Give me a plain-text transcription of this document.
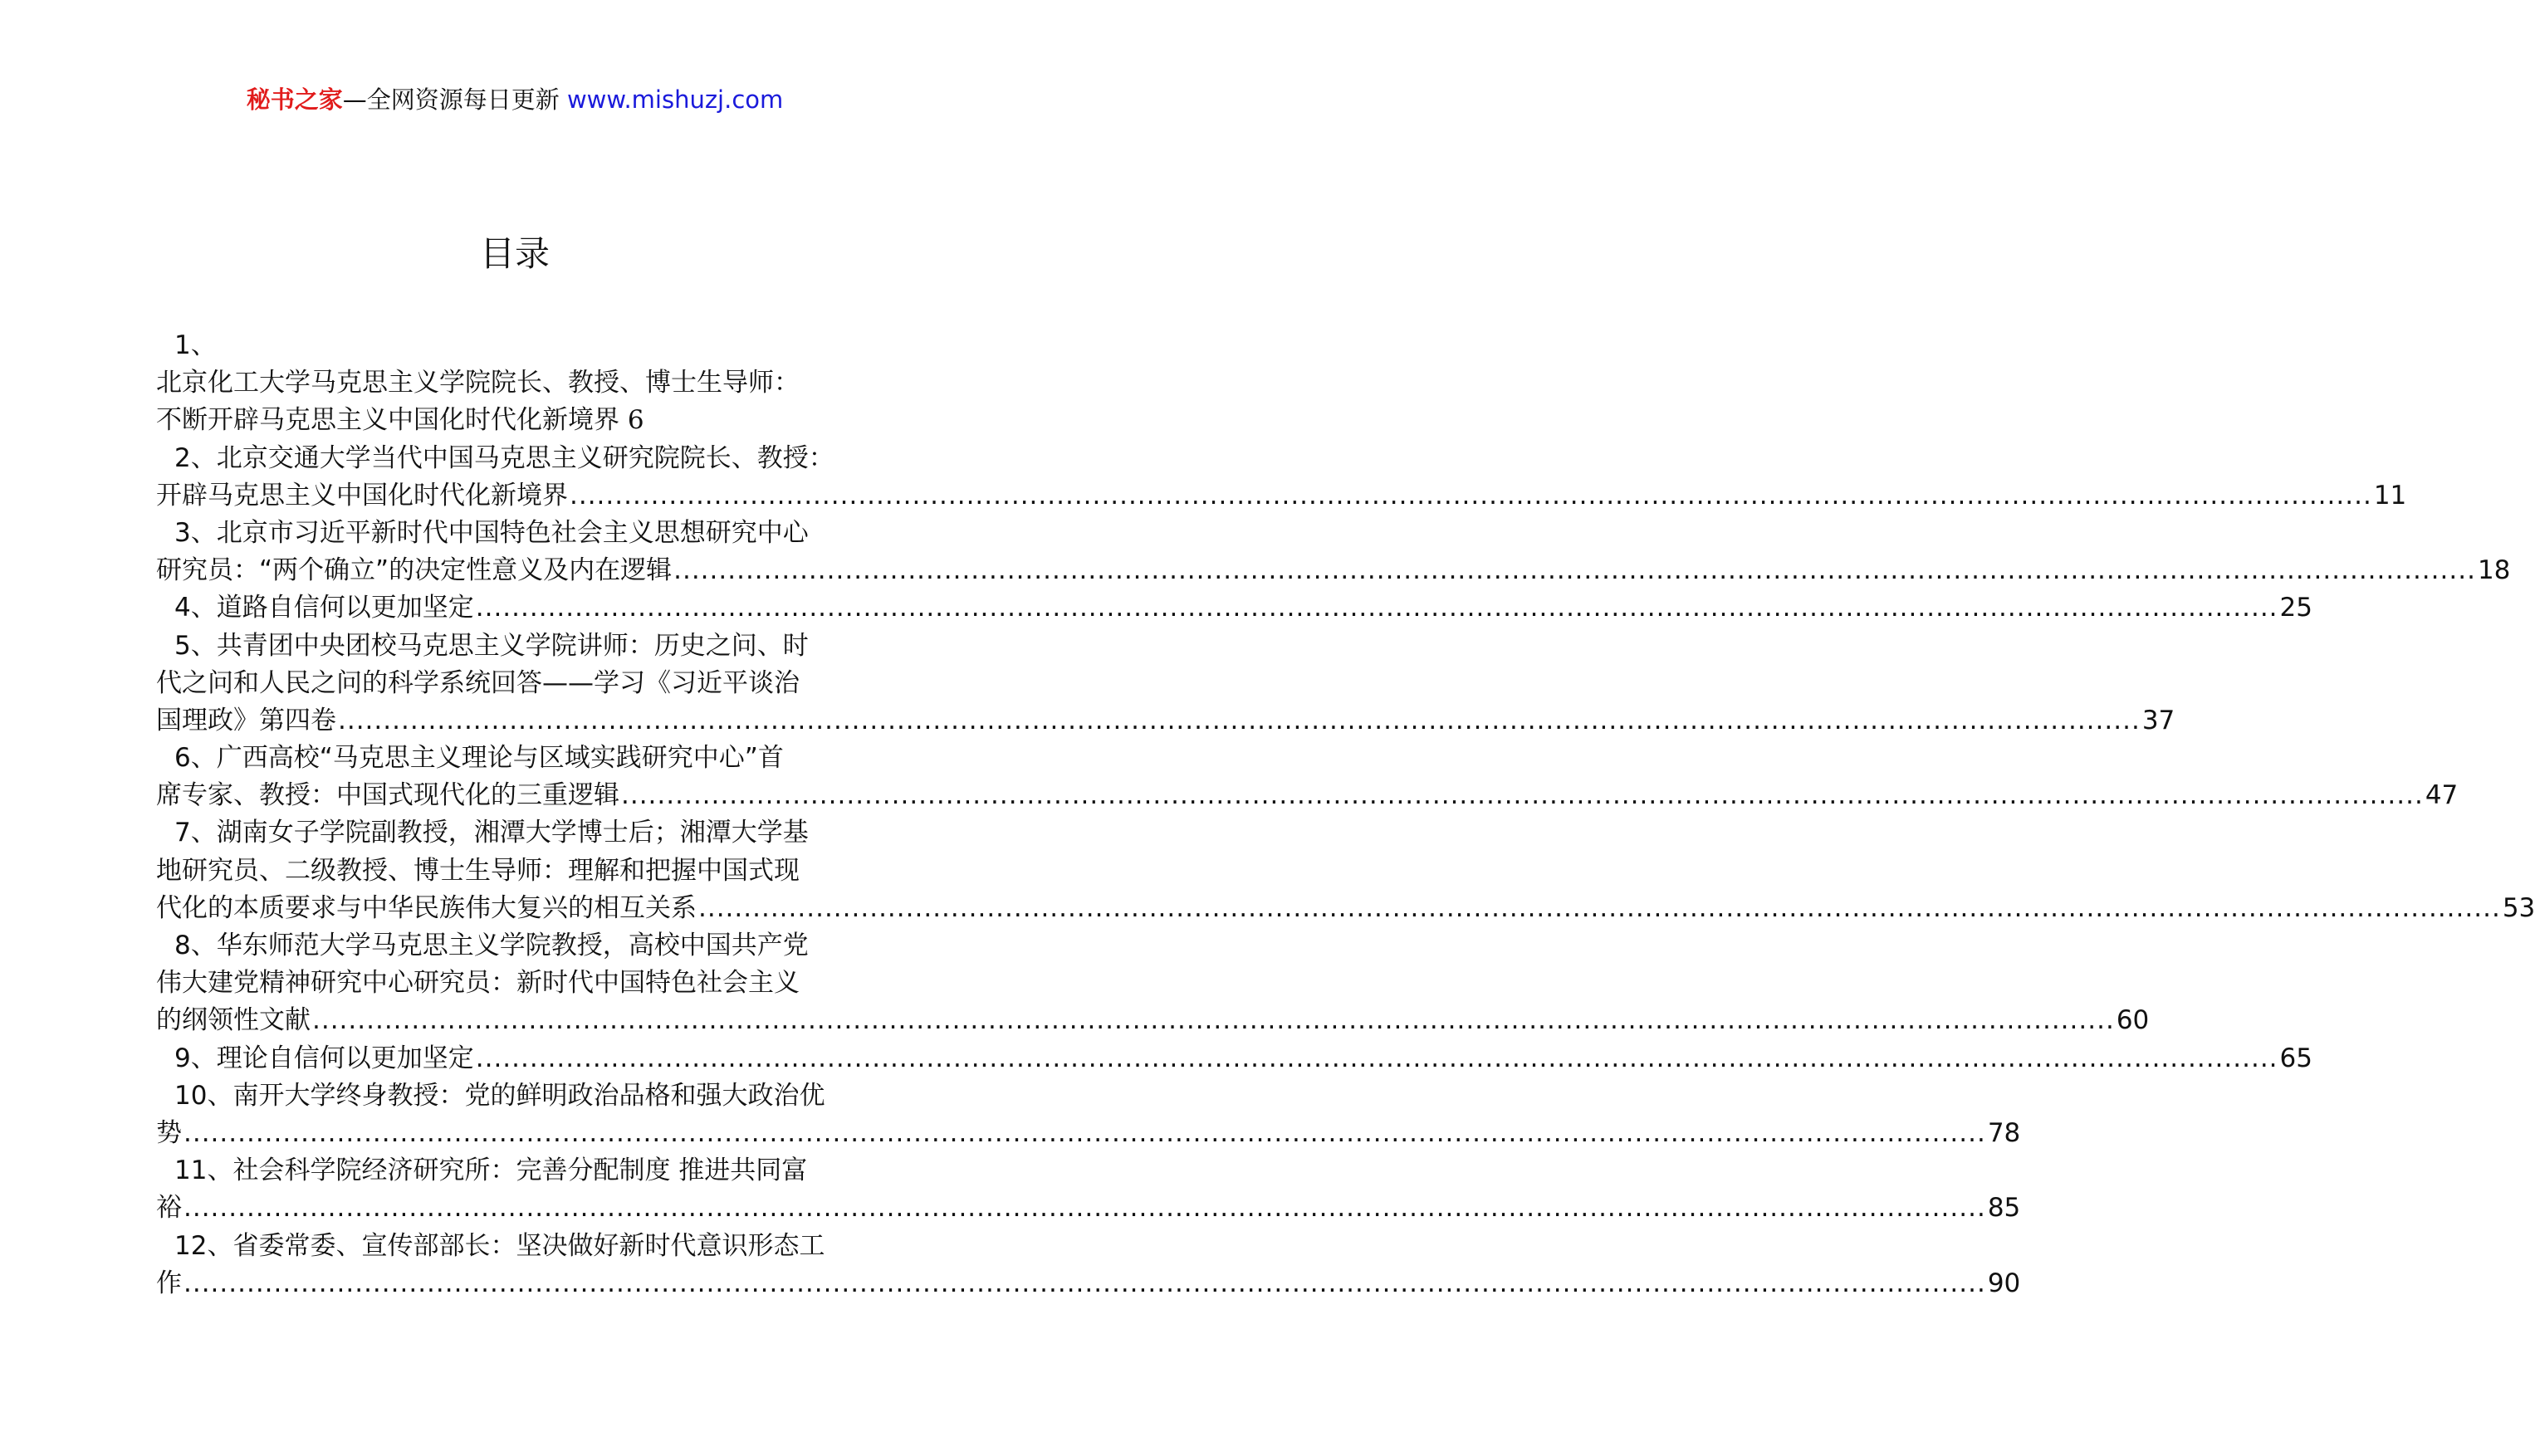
秘书之家—全网资源每日更新 www.mishuzj.com
目录
1、
北京化工大学马克思主义学院院长、教授、博士生导师：
不断开辟马克思主义中国化时代化新境界
6
2、北京交通大学当代中国马克思主义研究院院长、教授：
开辟马克思主义中国化时代化新境界 ........................................................................................................................................................................................................ 11
3、北京市习近平新时代中国特色社会主义思想研究中心
研究员：“两个确立”的决定性意义及内在逻辑 ........................................................................................................................................................................................................ 18
4、道路自信何以更加坚定 ........................................................................................................................................................................................................ 25
5、共青团中央团校马克思主义学院讲师：历史之问、时
代之问和人民之问的科学系统回答——学习《习近平谈治
国理政》第四卷 ........................................................................................................................................................................................................ 37
6、广西高校“马克思主义理论与区域实践研究中心”首
席专家、教授：中国式现代化的三重逻辑 ........................................................................................................................................................................................................ 47
7、湖南女子学院副教授，湘潭大学博士后；湘潭大学基
地研究员、二级教授、博士生导师：理解和把握中国式现
代化的本质要求与中华民族伟大复兴的相互关系 ........................................................................................................................................................................................................ 53
8、华东师范大学马克思主义学院教授，高校中国共产党
伟大建党精神研究中心研究员：新时代中国特色社会主义
的纲领性文献 ........................................................................................................................................................................................................ 60
9、理论自信何以更加坚定 ........................................................................................................................................................................................................ 65
10、南开大学终身教授：党的鲜明政治品格和强大政治优
势 ........................................................................................................................................................................................................ 78
11、社会科学院经济研究所：完善分配制度 推进共同富
裕 ........................................................................................................................................................................................................ 85
12、省委常委、宣传部部长：坚决做好新时代意识形态工
作 ........................................................................................................................................................................................................ 90
